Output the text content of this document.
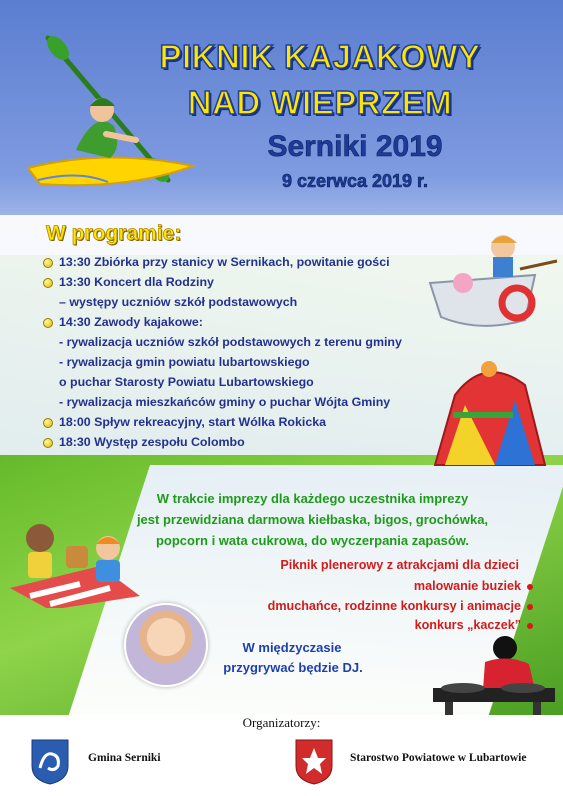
PIKNIK KAJAKOWY
NAD WIEPRZEM
Serniki 2019
9 czerwca 2019 r.
W programie:
13:30 Zbiórka przy stanicy w Sernikach, powitanie gości
13:30 Koncert dla Rodziny
– występy uczniów szkół podstawowych
14:30 Zawody kajakowe:
- rywalizacja uczniów szkół podstawowych z terenu gminy
- rywalizacja gmin powiatu lubartowskiego
o puchar Starosty Powiatu Lubartowskiego
- rywalizacja mieszkańców gminy o puchar Wójta Gminy
18:00 Spływ rekreacyjny, start Wólka Rokicka
18:30 Występ zespołu Colombo
W trakcie imprezy dla każdego uczestnika imprezy
jest przewidziana darmowa kiełbaska, bigos, grochówka,
popcorn i wata cukrowa, do wyczerpania zapasów.
Piknik plenerowy z atrakcjami dla dzieci
malowanie buziek
dmuchańce, rodzinne konkursy i animacje
konkurs „kaczek”
W międzyczasie
przygrywać będzie DJ.
Organizatorzy:
Gmina Serniki	Starostwo Powiatowe w Lubartowie
